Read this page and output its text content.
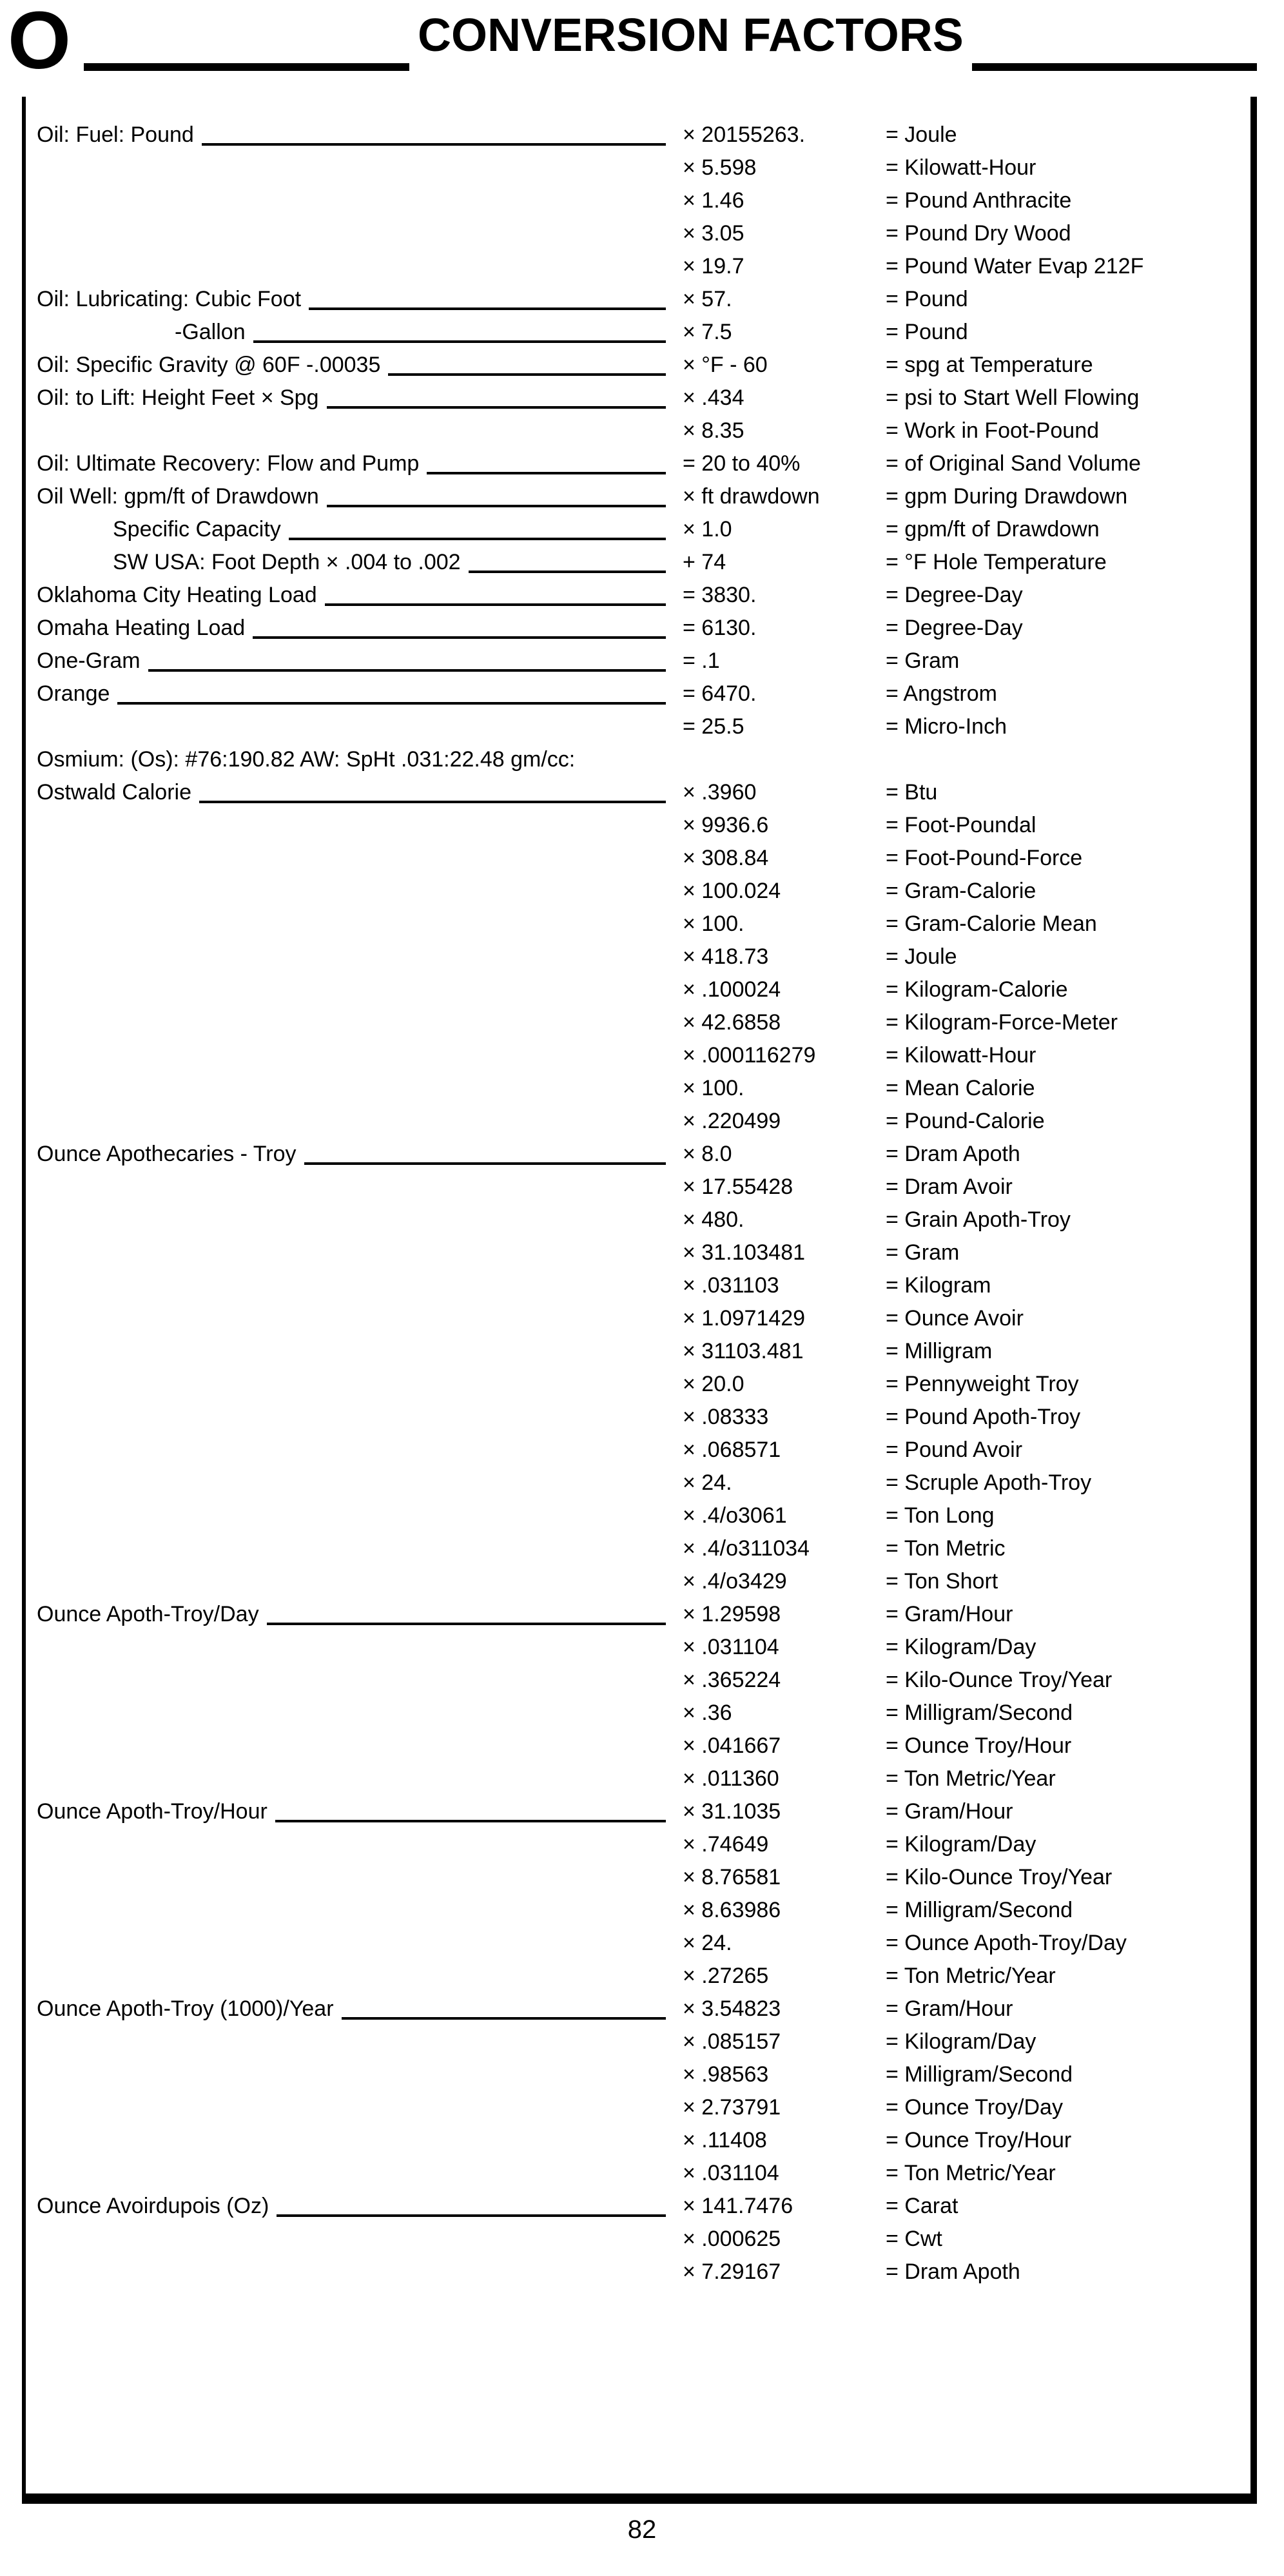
O	CONVERSION FACTORS
Oil: Fuel: Pound	× 20155263.	= Joule
× 5.598	= Kilowatt-Hour
× 1.46	= Pound Anthracite
× 3.05	= Pound Dry Wood
× 19.7	= Pound Water Evap 212F
Oil: Lubricating: Cubic Foot	× 57.	= Pound
-Gallon	× 7.5	= Pound
Oil: Specific Gravity @ 60F -.00035	× °F - 60	= spg at Temperature
Oil: to Lift: Height Feet × Spg	× .434	= psi to Start Well Flowing
× 8.35	= Work in Foot-Pound
Oil: Ultimate Recovery: Flow and Pump	= 20 to 40%	= of Original Sand Volume
Oil Well: gpm/ft of Drawdown	× ft drawdown	= gpm During Drawdown
Specific Capacity	× 1.0	= gpm/ft of Drawdown
SW USA: Foot Depth × .004 to .002	+ 74	= °F Hole Temperature
Oklahoma City Heating Load	= 3830.	= Degree-Day
Omaha Heating Load	= 6130.	= Degree-Day
One-Gram	= .1	= Gram
Orange	= 6470.	= Angstrom
= 25.5	= Micro-Inch
Osmium: (Os): #76:190.82 AW: SpHt .031:22.48 gm/cc:
Ostwald Calorie	× .3960	= Btu
× 9936.6	= Foot-Poundal
× 308.84	= Foot-Pound-Force
× 100.024	= Gram-Calorie
× 100.	= Gram-Calorie Mean
× 418.73	= Joule
× .100024	= Kilogram-Calorie
× 42.6858	= Kilogram-Force-Meter
× .000116279	= Kilowatt-Hour
× 100.	= Mean Calorie
× .220499	= Pound-Calorie
Ounce Apothecaries - Troy	× 8.0	= Dram Apoth
× 17.55428	= Dram Avoir
× 480.	= Grain Apoth-Troy
× 31.103481	= Gram
× .031103	= Kilogram
× 1.0971429	= Ounce Avoir
× 31103.481	= Milligram
× 20.0	= Pennyweight Troy
× .08333	= Pound Apoth-Troy
× .068571	= Pound Avoir
× 24.	= Scruple Apoth-Troy
× .4/o3061	= Ton Long
× .4/o311034	= Ton Metric
× .4/o3429	= Ton Short
Ounce Apoth-Troy/Day	× 1.29598	= Gram/Hour
× .031104	= Kilogram/Day
× .365224	= Kilo-Ounce Troy/Year
× .36	= Milligram/Second
× .041667	= Ounce Troy/Hour
× .011360	= Ton Metric/Year
Ounce Apoth-Troy/Hour	× 31.1035	= Gram/Hour
× .74649	= Kilogram/Day
× 8.76581	= Kilo-Ounce Troy/Year
× 8.63986	= Milligram/Second
× 24.	= Ounce Apoth-Troy/Day
× .27265	= Ton Metric/Year
Ounce Apoth-Troy (1000)/Year	× 3.54823	= Gram/Hour
× .085157	= Kilogram/Day
× .98563	= Milligram/Second
× 2.73791	= Ounce Troy/Day
× .11408	= Ounce Troy/Hour
× .031104	= Ton Metric/Year
Ounce Avoirdupois (Oz)	× 141.7476	= Carat
× .000625	= Cwt
× 7.29167	= Dram Apoth
82
